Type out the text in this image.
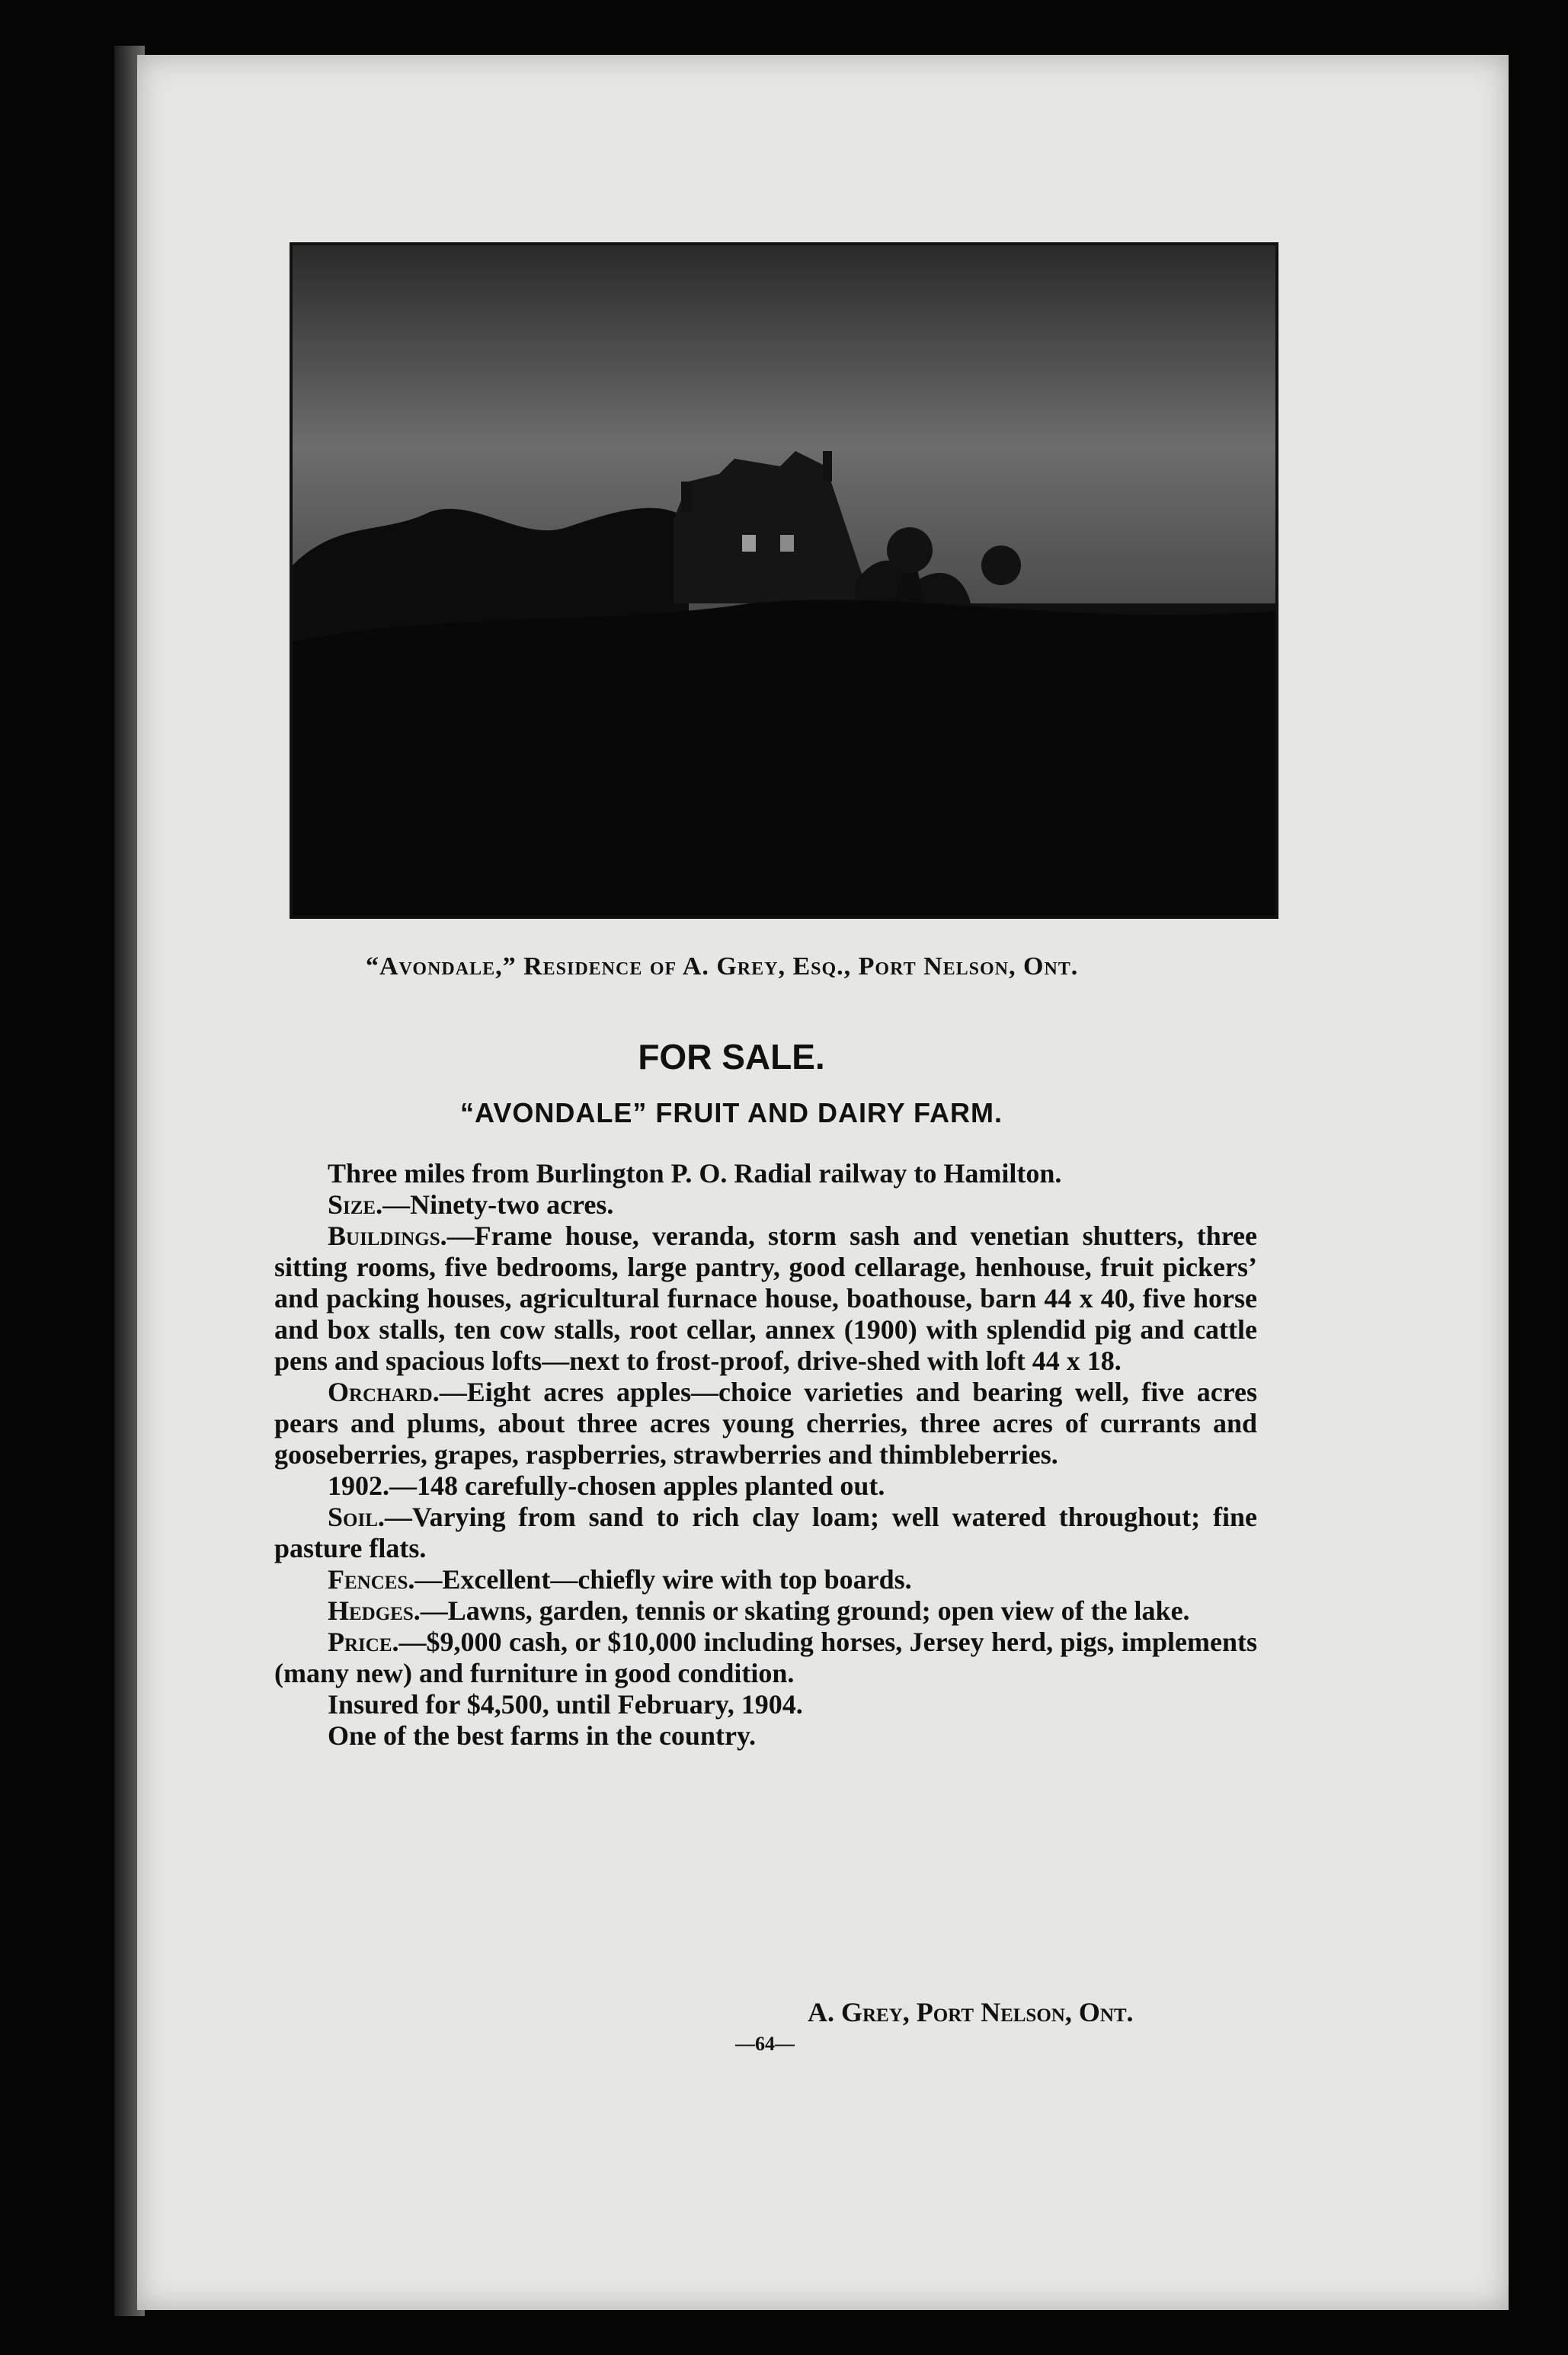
“Avondale,” Residence of A. Grey, Esq., Port Nelson, Ont.
FOR SALE.
“AVONDALE” FRUIT AND DAIRY FARM.

Three miles from Burlington P. O. Radial railway to Hamilton.

Size.—Ninety-two acres.

Buildings.—Frame house, veranda, storm sash and venetian shutters, three sitting rooms, five bedrooms, large pantry, good cellarage, henhouse, fruit pickers’ and packing houses, agricultural furnace house, boathouse, barn 44 x 40, five horse and box stalls, ten cow stalls, root cellar, annex (1900) with splendid pig and cattle pens and spacious lofts—next to frost-proof, drive-shed with loft 44 x 18.

Orchard.—Eight acres apples—choice varieties and bearing well, five acres pears and plums, about three acres young cherries, three acres of currants and gooseberries, grapes, raspberries, strawberries and thimbleberries.

1902.—148 carefully-chosen apples planted out.

Soil.—Varying from sand to rich clay loam; well watered throughout; fine pasture flats.

Fences.—Excellent—chiefly wire with top boards.

Hedges.—Lawns, garden, tennis or skating ground; open view of the lake.

Price.—$9,000 cash, or $10,000 including horses, Jersey herd, pigs, implements (many new) and furniture in good condition.

Insured for $4,500, until February, 1904.

One of the best farms in the country.

A. Grey, Port Nelson, Ont.
—64—
